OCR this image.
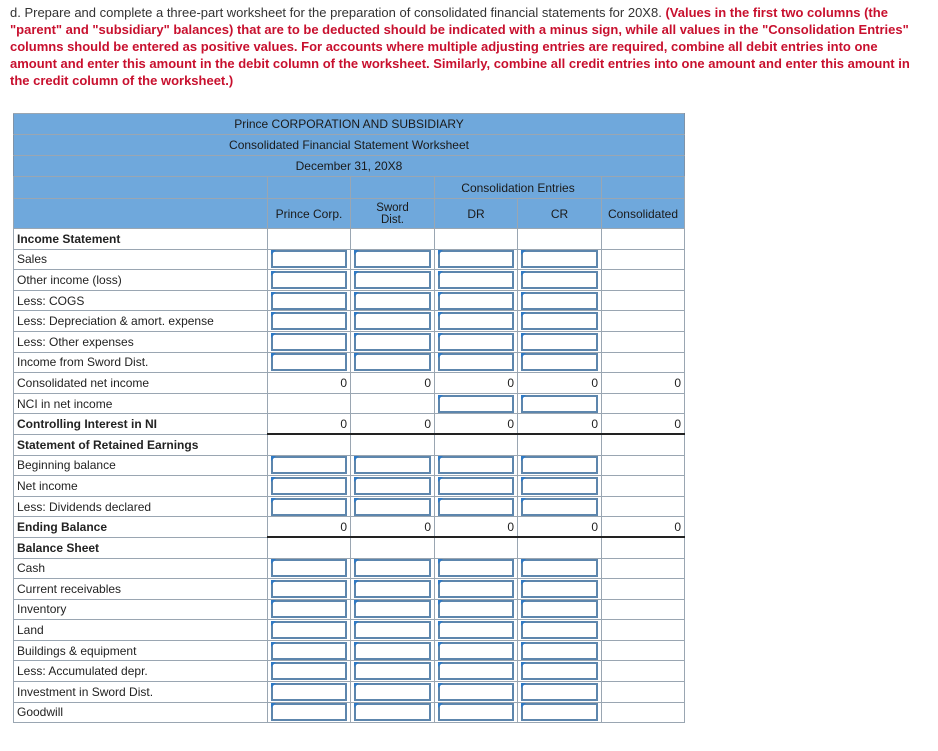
d. Prepare and complete a three-part worksheet for the preparation of consolidated financial statements for 20X8. (Values in the first two columns (the "parent" and "subsidiary" balances) that are to be deducted should be indicated with a minus sign, while all values in the "Consolidation Entries" columns should be entered as positive values. For accounts where multiple adjusting entries are required, combine all debit entries into one amount and enter this amount in the debit column of the worksheet. Similarly, combine all credit entries into one amount and enter this amount in the credit column of the worksheet.)
Prince CORPORATION AND SUBSIDIARY					
Consolidated Financial Statement Worksheet					
December 31, 20X8					
			Consolidation Entries		
	Prince Corp.	Sword
Dist.	DR	CR	Consolidated
Income Statement					
Sales	

Other income (loss)	

Less: COGS	

Less: Depreciation & amort. expense	

Less: Other expenses	

Income from Sword Dist.	

Consolidated net income	0	0	0	0	0
NCI in net income			

Controlling Interest in NI	0	0	0	0	0
Statement of Retained Earnings					
Beginning balance	

Net income	

Less: Dividends declared	

Ending Balance	0	0	0	0	0
Balance Sheet					
Cash	

Current receivables	

Inventory	

Land	

Buildings & equipment	

Less: Accumulated depr.	

Investment in Sword Dist.	

Goodwill	
